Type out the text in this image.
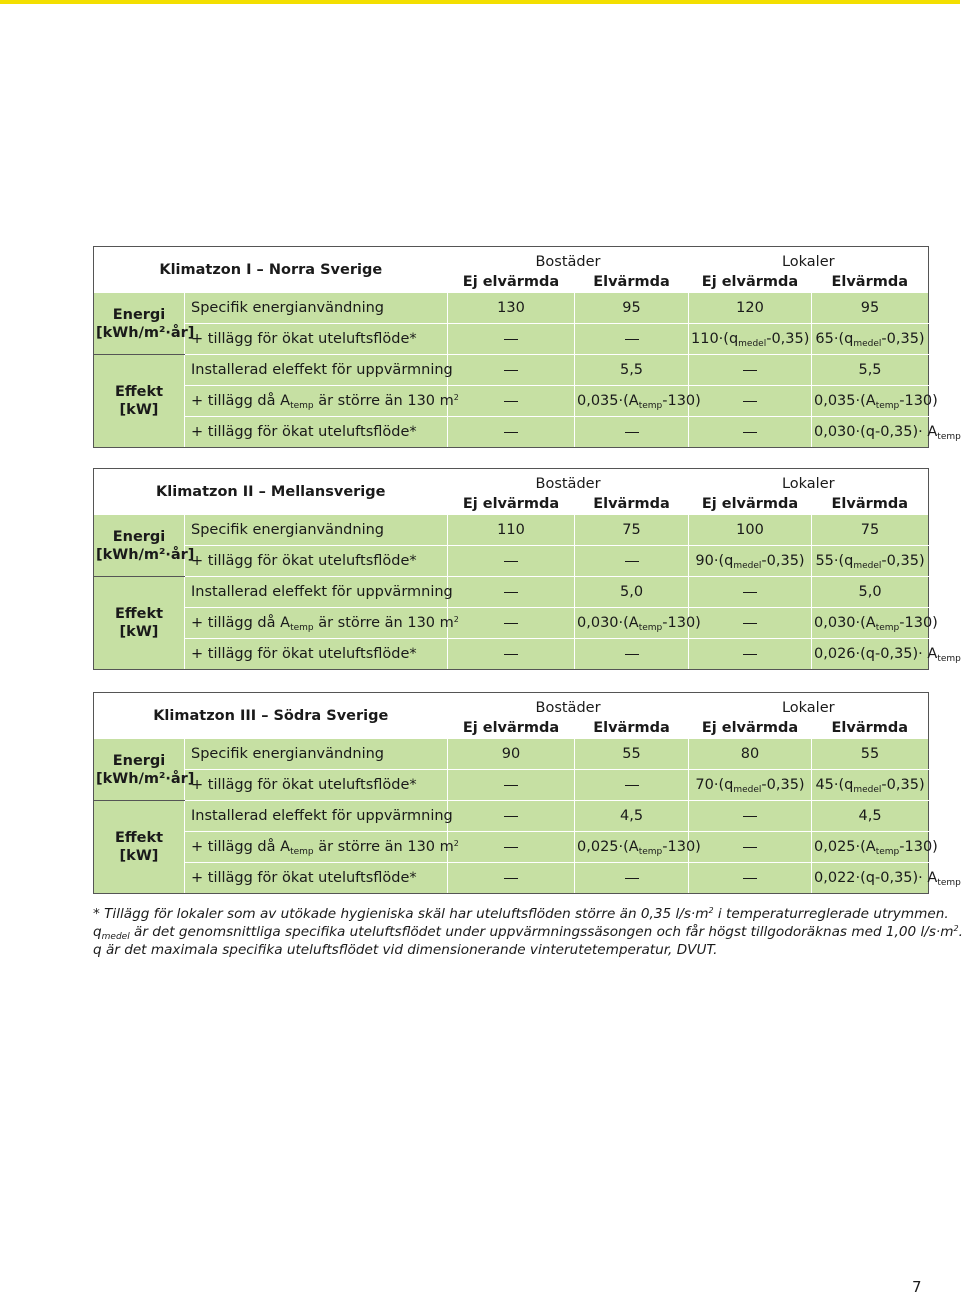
Klimatzon I – Norra Sverige		Bostäder		Lokaler	
		Ej elvärmda	Elvärmda	Ej elvärmda	Elvärmda
Energi
[kWh/m²·år]	Specifik energianvändning	130	95	120	95
	+ tillägg för ökat uteluftsflöde*			$110\cdot(q_{medel}-0,35)$	$65\cdot(q_{medel}-0,35)$
Effekt
[kW]	Installerad eleffekt för uppvärmning		5,5		5,5
	+ tillägg då $A_{temp}$ är större än 130 $m^2$		$0,035\cdot(A_{temp}-130)$		$0,035\cdot(A_{temp}-130)$
	+ tillägg för ökat uteluftsflöde*				$0,030\cdot(q-0,35)\cdot A_{temp}$
Klimatzon II – Mellansverige		Bostäder		Lokaler	
		Ej elvärmda	Elvärmda	Ej elvärmda	Elvärmda
Energi
[kWh/m²·år]	Specifik energianvändning	110	75	100	75
	+ tillägg för ökat uteluftsflöde*			$90\cdot(q_{medel}-0,35)$	$55\cdot(q_{medel}-0,35)$
Effekt
[kW]	Installerad eleffekt för uppvärmning		5,0		5,0
	+ tillägg då $A_{temp}$ är större än 130 $m^2$		$0,030\cdot(A_{temp}-130)$		$0,030\cdot(A_{temp}-130)$
	+ tillägg för ökat uteluftsflöde*				$0,026\cdot(q-0,35)\cdot A_{temp}$
Klimatzon III – Södra Sverige		Bostäder		Lokaler	
		Ej elvärmda	Elvärmda	Ej elvärmda	Elvärmda
Energi
[kWh/m²·år]	Specifik energianvändning	90	55	80	55
	+ tillägg för ökat uteluftsflöde*			$70\cdot(q_{medel}-0,35)$	$45\cdot(q_{medel}-0,35)$
Effekt
[kW]	Installerad eleffekt för uppvärmning		4,5		4,5
	+ tillägg då $A_{temp}$ är större än 130 $m^2$		$0,025\cdot(A_{temp}-130)$		$0,025\cdot(A_{temp}-130)$
	+ tillägg för ökat uteluftsflöde*				$0,022\cdot(q-0,35)\cdot A_{temp}$

* Tillägg för lokaler som av utökade hygieniska skäl har uteluftsflöden större än 0,35 $l/s\cdot m^2$ i temperaturreglerade utrymmen.

$q_{medel}$ är det genomsnittliga specifika uteluftsflödet under uppvärmningssäsongen och får högst tillgodoräknas med 1,00 $l/s\cdot m^2$.

q är det maximala specifika uteluftsflödet vid dimensionerande vinterutetemperatur, DVUT.

7
